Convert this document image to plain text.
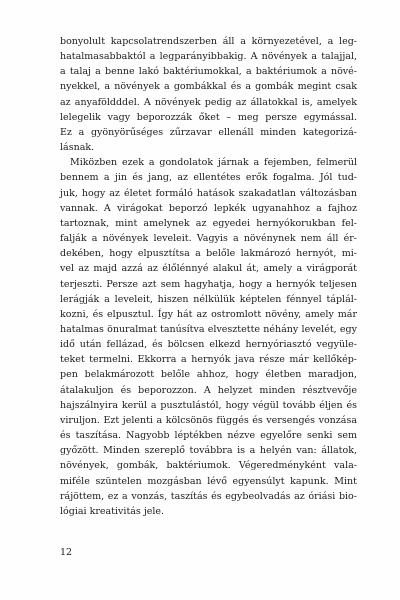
bonyolult kapcsolatrendszerben áll a környezetével, a leg-
hatalmasabbaktól a legparányibbakig. A növények a talajjal,
a talaj a benne lakó baktériumokkal, a baktériumok a növé-
nyekkel, a növények a gombákkal és a gombák megint csak
az anyaföldddel. A növények pedig az állatokkal is, amelyek
lelegelik vagy beporozzák őket – meg persze egymással.
Ez a gyönyörűséges zűrzavar ellenáll minden kategorizá-
lásnak.
Miközben ezek a gondolatok járnak a fejemben, felmerül
bennem a jin és jang, az ellentétes erők fogalma. Jól tud-
juk, hogy az életet formáló hatások szakadatlan változásban
vannak. A virágokat beporzó lepkék ugyanahhoz a fajhoz
tartoznak, mint amelynek az egyedei hernyókorukban fel-
falják a növények leveleit. Vagyis a növénynek nem áll ér-
dekében, hogy elpusztítsa a belőle lakmározó hernyót, mi-
vel az majd azzá az élőlénnyé alakul át, amely a virágporát
terjeszti. Persze azt sem hagyhatja, hogy a hernyók teljesen
lerágják a leveleit, hiszen nélkülük képtelen fénnyel táplál-
kozni, és elpusztul. Így hát az ostromlott növény, amely már
hatalmas önuralmat tanúsítva elvesztette néhány levelét, egy
idő után fellázad, és bölcsen elkezd hernyóriasztó vegyüle-
teket termelni. Ekkorra a hernyók java része már kellőkép-
pen belakmározott belőle ahhoz, hogy életben maradjon,
átalakuljon és beporozzon. A helyzet minden résztvevője
hajszálnyira kerül a pusztulástól, hogy végül tovább éljen és
viruljon. Ezt jelenti a kölcsönös függés és versengés vonzása
és taszítása. Nagyobb léptékben nézve egyelőre senki sem
győzött. Minden szereplő továbbra is a helyén van: állatok,
növények, gombák, baktériumok. Végeredményként vala-
miféle szüntelen mozgásban lévő egyensúlyt kapunk. Mint
rájöttem, ez a vonzás, taszítás és egybeolvadás az óriási bio-
lógiai kreativitás jele.
12
